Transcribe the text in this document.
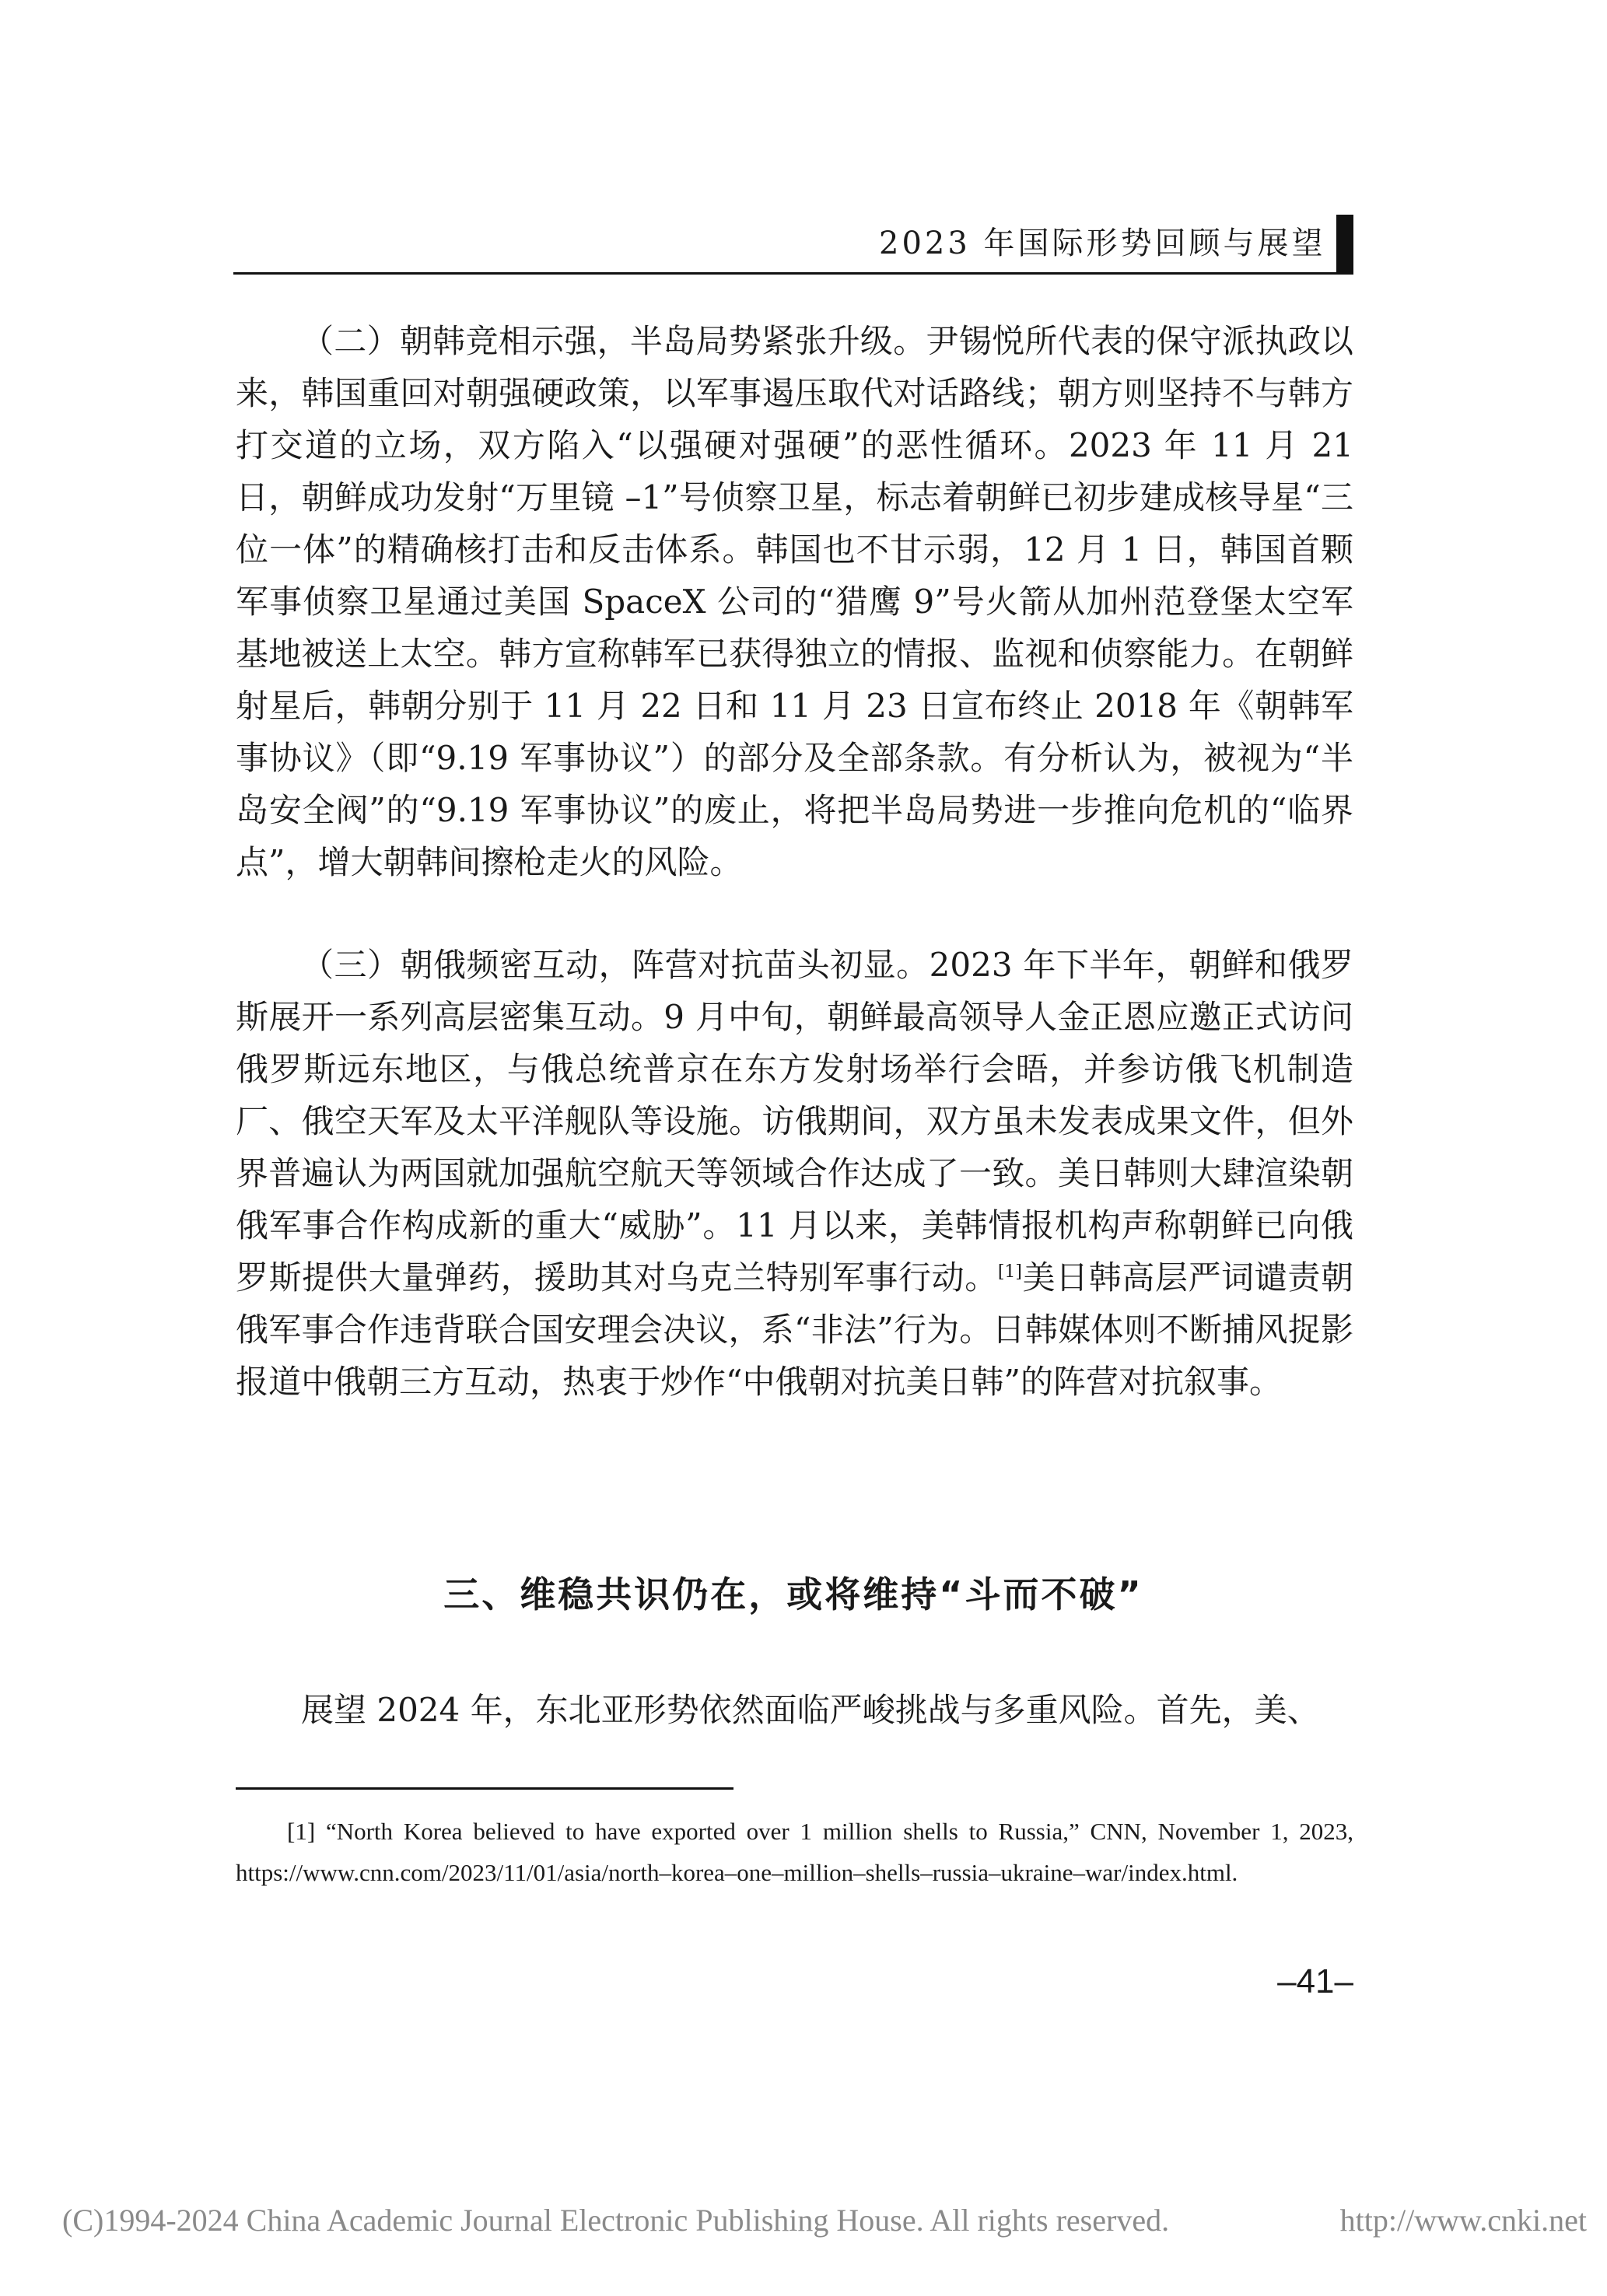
2023 年国际形势回顾与展望

（二）朝韩竞相示强，半岛局势紧张升级。尹锡悦所代表的保守派执政以来，韩国重回对朝强硬政策，以军事遏压取代对话路线；朝方则坚持不与韩方打交道的立场，双方陷入“以强硬对强硬”的恶性循环。2023 年 11 月 21 日，朝鲜成功发射“万里镜 –1”号侦察卫星，标志着朝鲜已初步建成核导星“三位一体”的精确核打击和反击体系。韩国也不甘示弱，12 月 1 日，韩国首颗军事侦察卫星通过美国 SpaceX 公司的“猎鹰 9”号火箭从加州范登堡太空军基地被送上太空。韩方宣称韩军已获得独立的情报、监视和侦察能力。在朝鲜射星后，韩朝分别于 11 月 22 日和 11 月 23 日宣布终止 2018 年《朝韩军事协议》（即“9.19 军事协议”）的部分及全部条款。有分析认为，被视为“半岛安全阀”的“9.19 军事协议”的废止，将把半岛局势进一步推向危机的“临界点”，增大朝韩间擦枪走火的风险。

（三）朝俄频密互动，阵营对抗苗头初显。2023 年下半年，朝鲜和俄罗斯展开一系列高层密集互动。9 月中旬，朝鲜最高领导人金正恩应邀正式访问俄罗斯远东地区，与俄总统普京在东方发射场举行会晤，并参访俄飞机制造厂、俄空天军及太平洋舰队等设施。访俄期间，双方虽未发表成果文件，但外界普遍认为两国就加强航空航天等领域合作达成了一致。美日韩则大肆渲染朝俄军事合作构成新的重大“威胁”。11 月以来，美韩情报机构声称朝鲜已向俄罗斯提供大量弹药，援助其对乌克兰特别军事行动。[1]美日韩高层严词谴责朝俄军事合作违背联合国安理会决议，系“非法”行为。日韩媒体则不断捕风捉影报道中俄朝三方互动，热衷于炒作“中俄朝对抗美日韩”的阵营对抗叙事。

三、维稳共识仍在，或将维持“斗而不破”

展望 2024 年，东北亚形势依然面临严峻挑战与多重风险。首先，美、

[1] “North Korea believed to have exported over 1 million shells to Russia,” CNN, November 1, 2023, https://www.cnn.com/2023/11/01/asia/north–korea–one–million–shells–russia–ukraine–war/index.html.

–41–
(C)1994-2024 China Academic Journal Electronic Publishing House. All rights reserved.	http://www.cnki.net
